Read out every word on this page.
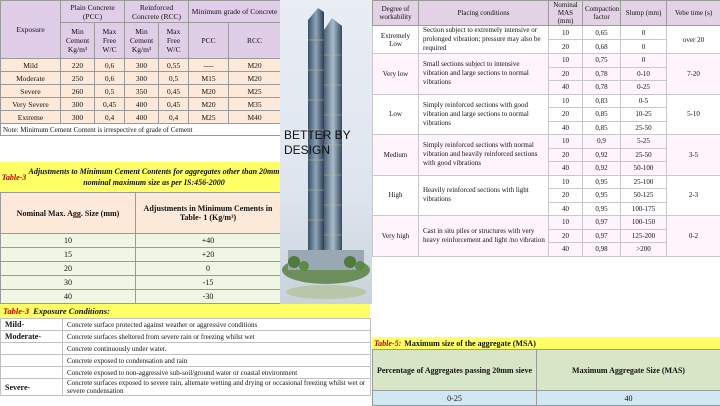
Exposure	Plain Concrete (PCC)		Reinforced Concrete (RCC)		Minimum grade of Concrete	
	Min Cement Kg/m³	Max Free W/C	Min Cement Kg/m³	Max Free W/C	PCC	RCC
Mild	220	0,6	300	0,55	----	M20
Moderate	250	0,6	300	0,5	M15	M20
Severe	260	0,5	350	0,45	M20	M25
Very Severe	300	0,45	400	0,45	M20	M35
Extreme	300	0,4	400	0,4	M25	M40
Note: Minimum Cement Content is irrespective of grade of Cement						
Table-3
Adjustments to Minimum Cement Contents for aggregates other than 20mm nominal maximum size as per IS:456-2000
Nominal Max. Agg. Size (mm)	Adjustments in Minimum Cements in Table- 1 (Kg/m³)
10	+40
15	+20
20	0
30	-15
40	-30
Table-3 Exposure Conditions:
Mild-	Concrete surface protected against weather or aggressive conditions
Moderate-	Concrete surfaces sheltered from severe rain or freezing whilst wet
	Concrete continuously under water.
	Concrete exposed to condensation and rain
	Concrete exposed to non-aggressive sub-soil/ground water or coastal environment
Severe-	Concrete surfaces exposed to severe rain, alternate wetting and drying or occasional freezing whilst wet or severe condensation
BETTER BY
DESIGN
Degree of workability	Placing conditions	Nominal MAS (mm)	Compaction factor	Slump (mm)	Vebe time (s)
Extremely Low	Section subject to extremely intensive or prolonged vibration; pressure may also be required	10	0,65	0	over 20
		20	0,68	0	
Very low	Small sections subject to intensive vibration and large sections to normal vibrations	10	0,75	0	7-20
		20	0,78	0-10	
		40	0,78	0-25	
Low	Simply reinforced sections with good vibration and large sections to normal vibrations	10	0,83	0-5	5-10
		20	0,85	10-25	
		40	0,85	25-50	
Medium	Simply reinforced sections with normal vibration and heavily reinforced sections with good vibrations	10	0,9	5-25	3-5
		20	0,92	25-50	
		40	0,92	50-100	
High	Heavily reinforced sections with light vibrations	10	0,95	25-100	2-3
		20	0,95	50-125	
		40	0,95	100-175	
Very high	Cast in situ piles or structures with very heavy reinforcement and light /no vibration	10	0,97	100-150	0-2
		20	0,97	125-200	
		40	0,98	>200	
Table-5: Maximum size of the aggregate (MSA)
Percentage of Aggregates passing 20mm sieve	Maximum Aggregate Size (MAS)
0-25	40
